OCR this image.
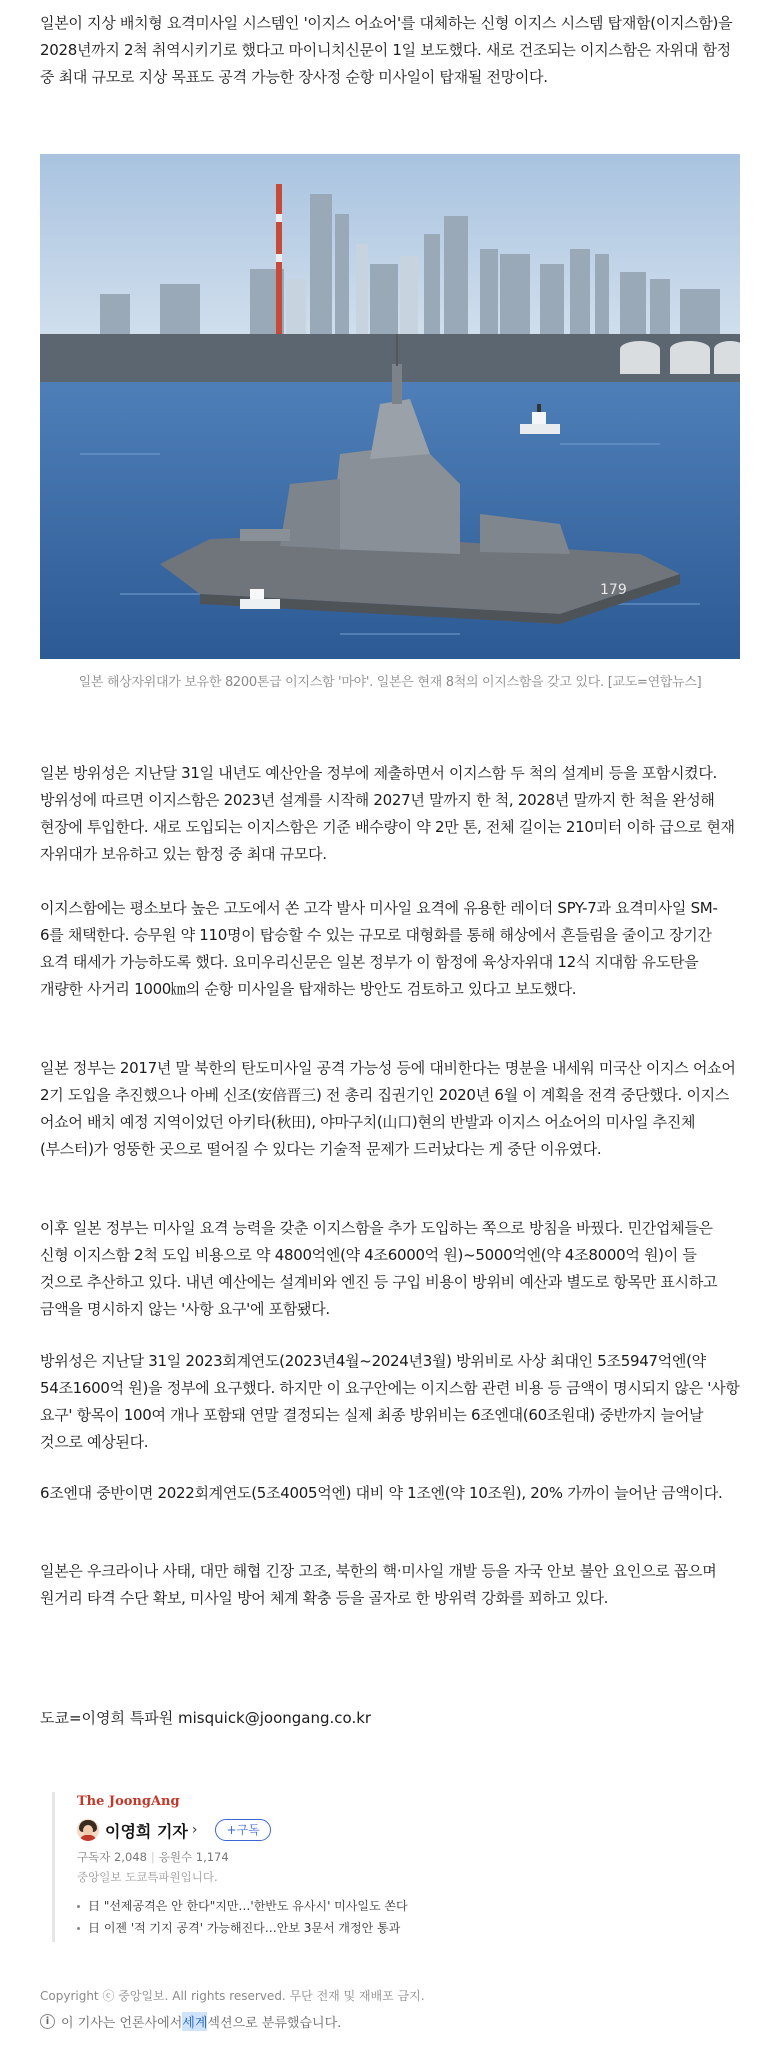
일본이 지상 배치형 요격미사일 시스템인 '이지스 어쇼어'를 대체하는 신형 이지스 시스템 탑재함(이지스함)을 2028년까지 2척 취역시키기로 했다고 마이니치신문이 1일 보도했다. 새로 건조되는 이지스함은 자위대 함정 중 최대 규모로 지상 목표도 공격 가능한 장사정 순항 미사일이 탑재될 전망이다.

179
일본 해상자위대가 보유한 8200톤급 이지스함 '마야'. 일본은 현재 8척의 이지스함을 갖고 있다. [교도=연합뉴스]

일본 방위성은 지난달 31일 내년도 예산안을 정부에 제출하면서 이지스함 두 척의 설계비 등을 포함시켰다. 방위성에 따르면 이지스함은 2023년 설계를 시작해 2027년 말까지 한 척, 2028년 말까지 한 척을 완성해 현장에 투입한다. 새로 도입되는 이지스함은 기준 배수량이 약 2만 톤, 전체 길이는 210미터 이하 급으로 현재 자위대가 보유하고 있는 함정 중 최대 규모다.

이지스함에는 평소보다 높은 고도에서 쏜 고각 발사 미사일 요격에 유용한 레이더 SPY-7과 요격미사일 SM-6를 채택한다. 승무원 약 110명이 탑승할 수 있는 규모로 대형화를 통해 해상에서 흔들림을 줄이고 장기간 요격 태세가 가능하도록 했다. 요미우리신문은 일본 정부가 이 함정에 육상자위대 12식 지대함 유도탄을 개량한 사거리 1000㎞의 순항 미사일을 탑재하는 방안도 검토하고 있다고 보도했다.

일본 정부는 2017년 말 북한의 탄도미사일 공격 가능성 등에 대비한다는 명분을 내세워 미국산 이지스 어쇼어 2기 도입을 추진했으나 아베 신조(安倍晋三) 전 총리 집권기인 2020년 6월 이 계획을 전격 중단했다. 이지스 어쇼어 배치 예정 지역이었던 아키타(秋田), 야마구치(山口)현의 반발과 이지스 어쇼어의 미사일 추진체(부스터)가 엉뚱한 곳으로 떨어질 수 있다는 기술적 문제가 드러났다는 게 중단 이유였다.

이후 일본 정부는 미사일 요격 능력을 갖춘 이지스함을 추가 도입하는 쪽으로 방침을 바꿨다. 민간업체들은 신형 이지스함 2척 도입 비용으로 약 4800억엔(약 4조6000억 원)~5000억엔(약 4조8000억 원)이 들 것으로 추산하고 있다. 내년 예산에는 설계비와 엔진 등 구입 비용이 방위비 예산과 별도로 항목만 표시하고 금액을 명시하지 않는 '사항 요구'에 포함됐다.

방위성은 지난달 31일 2023회계연도(2023년4월~2024년3월) 방위비로 사상 최대인 5조5947억엔(약 54조1600억 원)을 정부에 요구했다. 하지만 이 요구안에는 이지스함 관련 비용 등 금액이 명시되지 않은 '사항 요구' 항목이 100여 개나 포함돼 연말 결정되는 실제 최종 방위비는 6조엔대(60조원대) 중반까지 늘어날 것으로 예상된다.

6조엔대 중반이면 2022회계연도(5조4005억엔) 대비 약 1조엔(약 10조원), 20% 가까이 늘어난 금액이다.

일본은 우크라이나 사태, 대만 해협 긴장 고조, 북한의 핵·미사일 개발 등을 자국 안보 불안 요인으로 꼽으며 원거리 타격 수단 확보, 미사일 방어 체계 확충 등을 골자로 한 방위력 강화를 꾀하고 있다.

도쿄=이영희 특파원 misquick@joongang.co.kr
The JoongAng
이영희 기자 ›	+구독
구독자 2,048 | 응원수 1,174
중앙일보 도쿄특파원입니다.
日 "선제공격은 안 한다"지만…'한반도 유사시' 미사일도 쏜다
日 이젠 '적 기지 공격' 가능해진다…안보 3문서 개정안 통과
Copyright ⓒ 중앙일보. All rights reserved. 무단 전재 및 재배포 금지.
i 이 기사는 언론사에서 세계 섹션으로 분류했습니다.
